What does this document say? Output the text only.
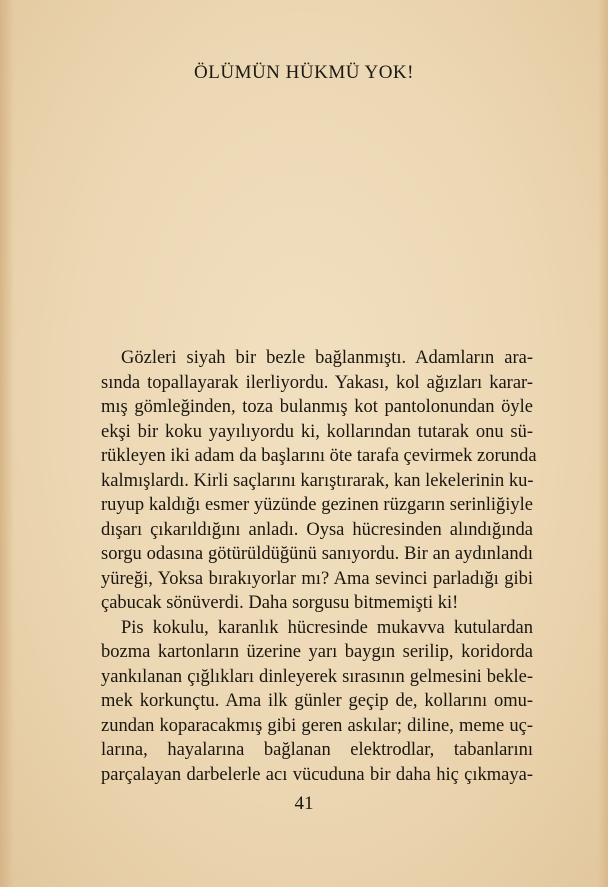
ÖLÜMÜN HÜKMÜ YOK!
Gözleri siyah bir bezle bağlanmıştı. Adamların ara-
sında topallayarak ilerliyordu. Yakası, kol ağızları karar-
mış gömleğinden, toza bulanmış kot pantolonundan öyle
ekşi bir koku yayılıyordu ki, kollarından tutarak onu sü-
rükleyen iki adam da başlarını öte tarafa çevirmek zorunda
kalmışlardı. Kirli saçlarını karıştırarak, kan lekelerinin ku-
ruyup kaldığı esmer yüzünde gezinen rüzgarın serinliğiyle
dışarı çıkarıldığını anladı. Oysa hücresinden alındığında
sorgu odasına götürüldüğünü sanıyordu. Bir an aydınlandı
yüreği, Yoksa bırakıyorlar mı? Ama sevinci parladığı gibi
çabucak sönüverdi. Daha sorgusu bitmemişti ki!
Pis kokulu, karanlık hücresinde mukavva kutulardan
bozma kartonların üzerine yarı baygın serilip, koridorda
yankılanan çığlıkları dinleyerek sırasının gelmesini bekle-
mek korkunçtu. Ama ilk günler geçip de, kollarını omu-
zundan koparacakmış gibi geren askılar; diline, meme uç-
larına, hayalarına bağlanan elektrodlar, tabanlarını
parçalayan darbelerle acı vücuduna bir daha hiç çıkmaya-
41
